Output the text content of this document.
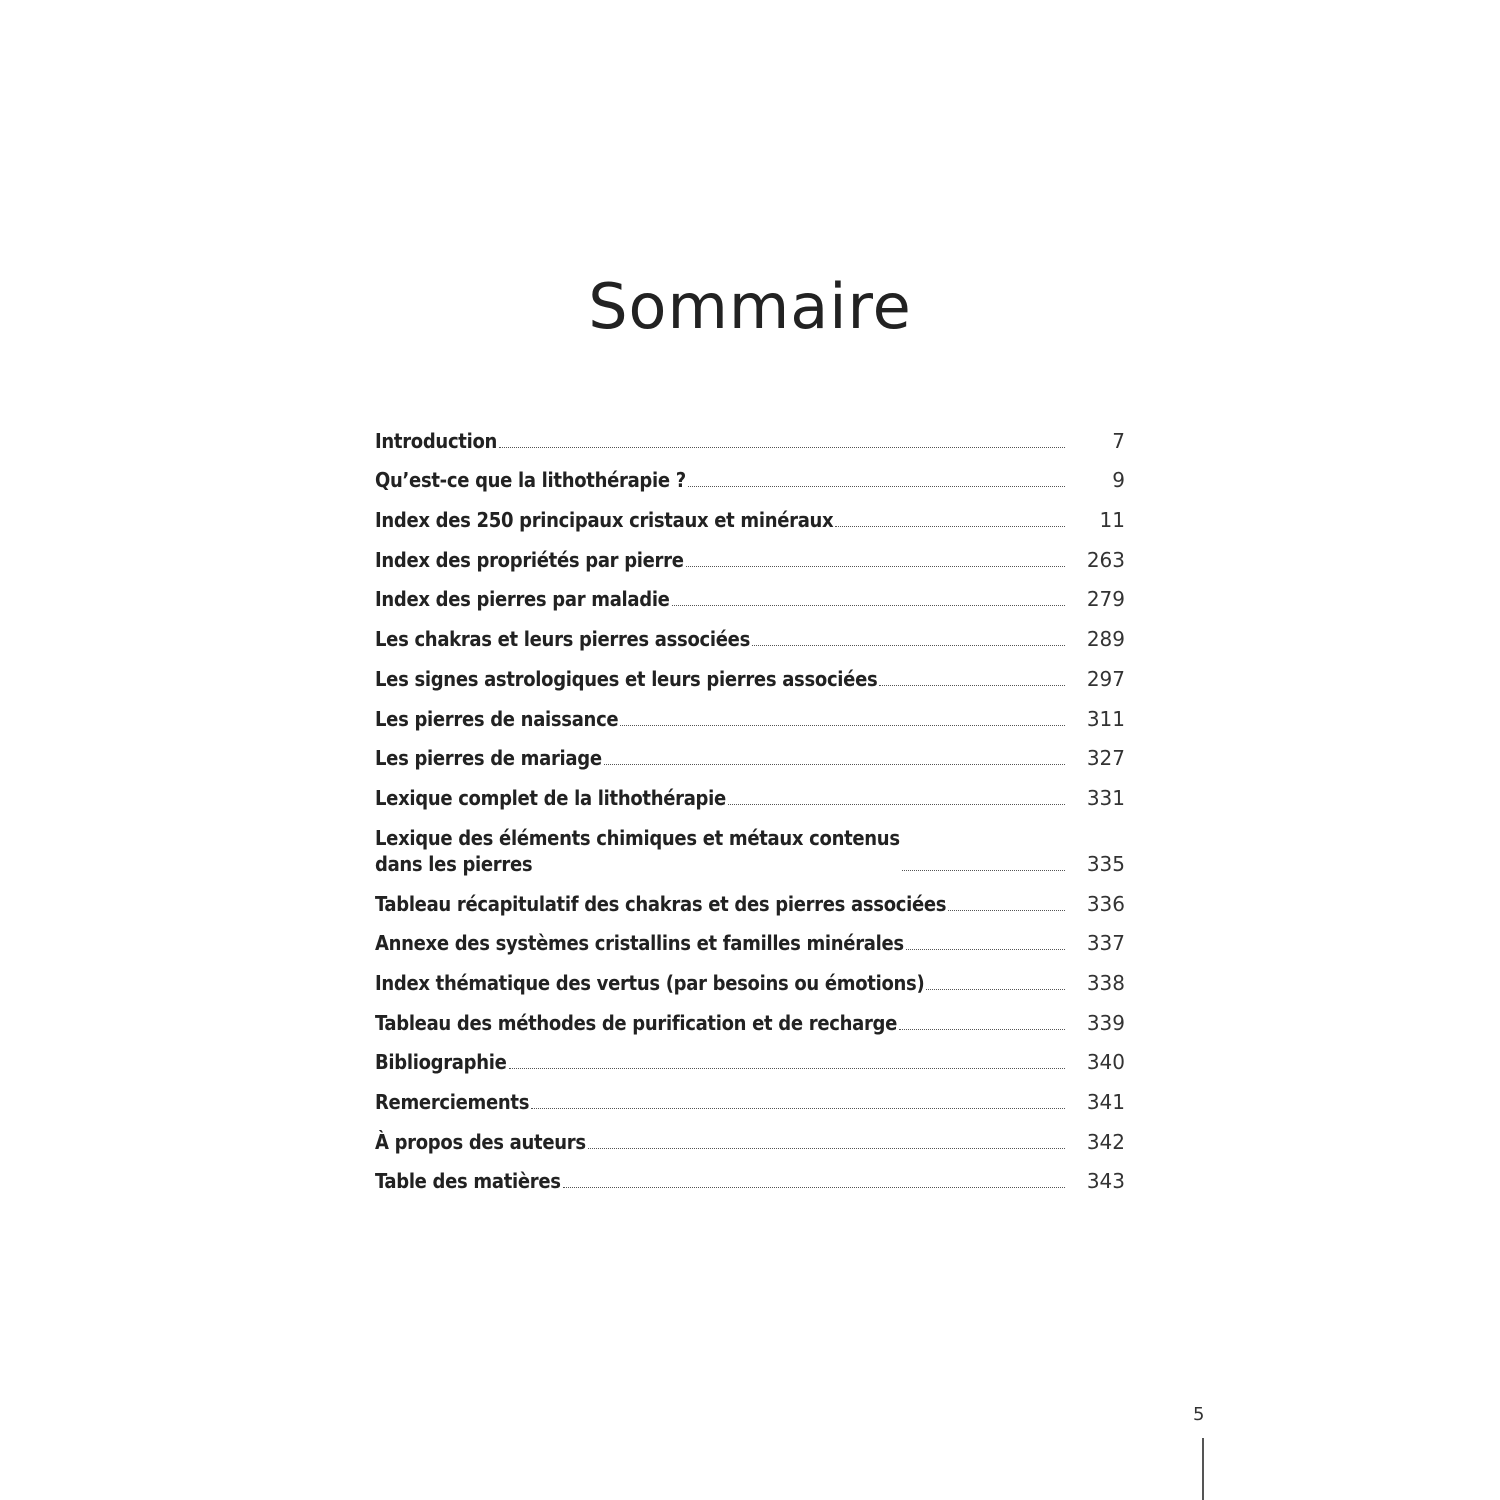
Sommaire
Introduction	7
Qu’est-ce que la lithothérapie ?	9
Index des 250 principaux cristaux et minéraux	11
Index des propriétés par pierre	263
Index des pierres par maladie	279
Les chakras et leurs pierres associées	289
Les signes astrologiques et leurs pierres associées	297
Les pierres de naissance	311
Les pierres de mariage	327
Lexique complet de la lithothérapie	331
Lexique des éléments chimiques et métaux contenus
dans les pierres	335
Tableau récapitulatif des chakras et des pierres associées	336
Annexe des systèmes cristallins et familles minérales	337
Index thématique des vertus (par besoins ou émotions)	338
Tableau des méthodes de purification et de recharge	339
Bibliographie	340
Remerciements	341
À propos des auteurs	342
Table des matières	343
5
